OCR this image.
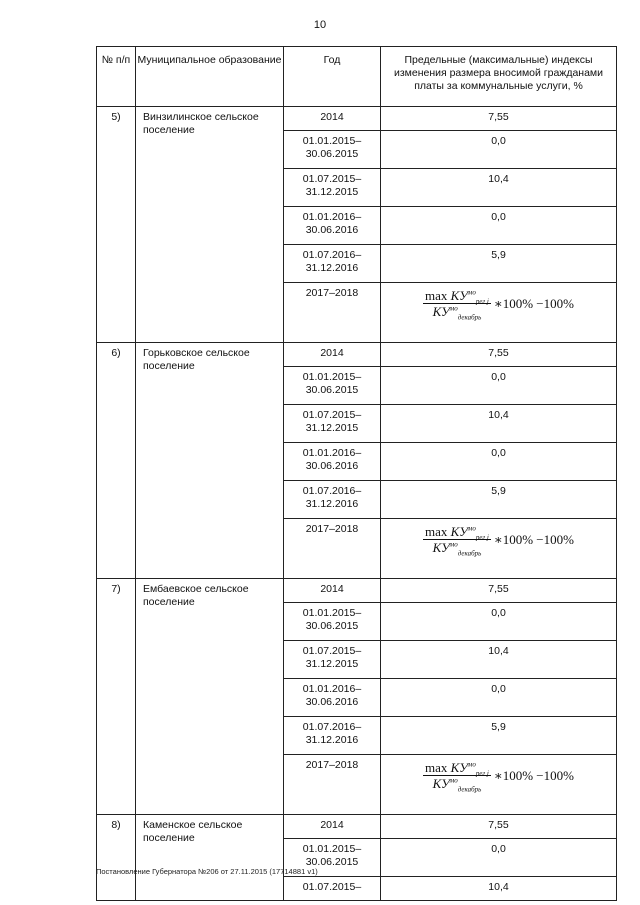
10
№ п/п	Муниципальное образование	Год	Предельные (максимальные) индексы изменения размера вносимой гражданами платы за коммунальные услуги, %
5)	Винзилинское сельское поселение	2014	7,55
		01.01.2015–
30.06.2015	0,0
		01.07.2015–
31.12.2015	10,4
		01.01.2016–
30.06.2016	0,0
		01.07.2016–
31.12.2016	5,9
		2017–2018	$\frac{\max КУ^{мо}_{рег j}}{КУ^{мо}_{декабрь}}$ ∗100% −100%

6)	Горьковское сельское поселение	2014	7,55
		01.01.2015–
30.06.2015	0,0
		01.07.2015–
31.12.2015	10,4
		01.01.2016–
30.06.2016	0,0
		01.07.2016–
31.12.2016	5,9
		2017–2018	$\frac{\max КУ^{мо}_{рег j}}{КУ^{мо}_{декабрь}}$ ∗100% −100%

7)	Ембаевское сельское поселение	2014	7,55
		01.01.2015–
30.06.2015	0,0
		01.07.2015–
31.12.2015	10,4
		01.01.2016–
30.06.2016	0,0
		01.07.2016–
31.12.2016	5,9
		2017–2018	$\frac{\max КУ^{мо}_{рег j}}{КУ^{мо}_{декабрь}}$ ∗100% −100%

8)	Каменское сельское поселение	2014	7,55
		01.01.2015–
30.06.2015	0,0
		01.07.2015–	10,4
Постановление Губернатора №206 от 27.11.2015 (17714881 v1)
